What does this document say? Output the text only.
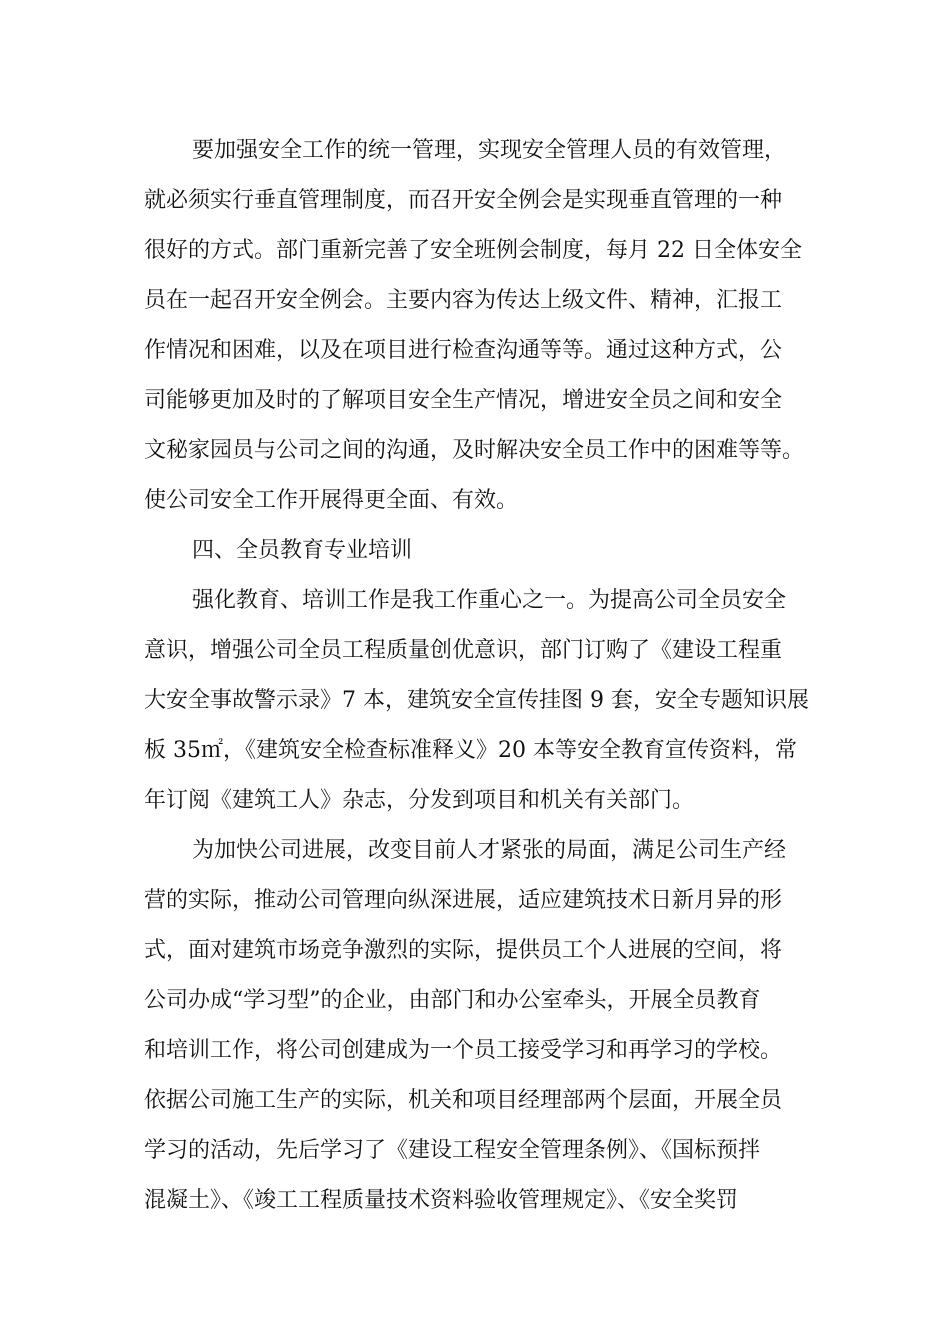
要加强安全工作的统一管理，实现安全管理人员的有效管理，

就必须实行垂直管理制度，而召开安全例会是实现垂直管理的一种

很好的方式。部门重新完善了安全班例会制度，每月 22 日全体安全

员在一起召开安全例会。主要内容为传达上级文件、精神，汇报工

作情况和困难，以及在项目进行检查沟通等等。通过这种方式，公

司能够更加及时的了解项目安全生产情况，增进安全员之间和安全

文秘家园员与公司之间的沟通，及时解决安全员工作中的困难等等。

使公司安全工作开展得更全面、有效。

四、全员教育专业培训

强化教育、培训工作是我工作重心之一。为提高公司全员安全

意识，增强公司全员工程质量创优意识，部门订购了《建设工程重

大安全事故警示录》7 本，建筑安全宣传挂图 9 套，安全专题知识展

板 35㎡，《建筑安全检查标准释义》20 本等安全教育宣传资料，常

年订阅《建筑工人》杂志，分发到项目和机关有关部门。

为加快公司进展，改变目前人才紧张的局面，满足公司生产经

营的实际，推动公司管理向纵深进展，适应建筑技术日新月异的形

式，面对建筑市场竞争激烈的实际，提供员工个人进展的空间，将

公司办成“学习型”的企业，由部门和办公室牵头，开展全员教育

和培训工作，将公司创建成为一个员工接受学习和再学习的学校。

依据公司施工生产的实际，机关和项目经理部两个层面，开展全员

学习的活动，先后学习了《建设工程安全管理条例》、《国标预拌

混凝土》、《竣工工程质量技术资料验收管理规定》、《安全奖罚
